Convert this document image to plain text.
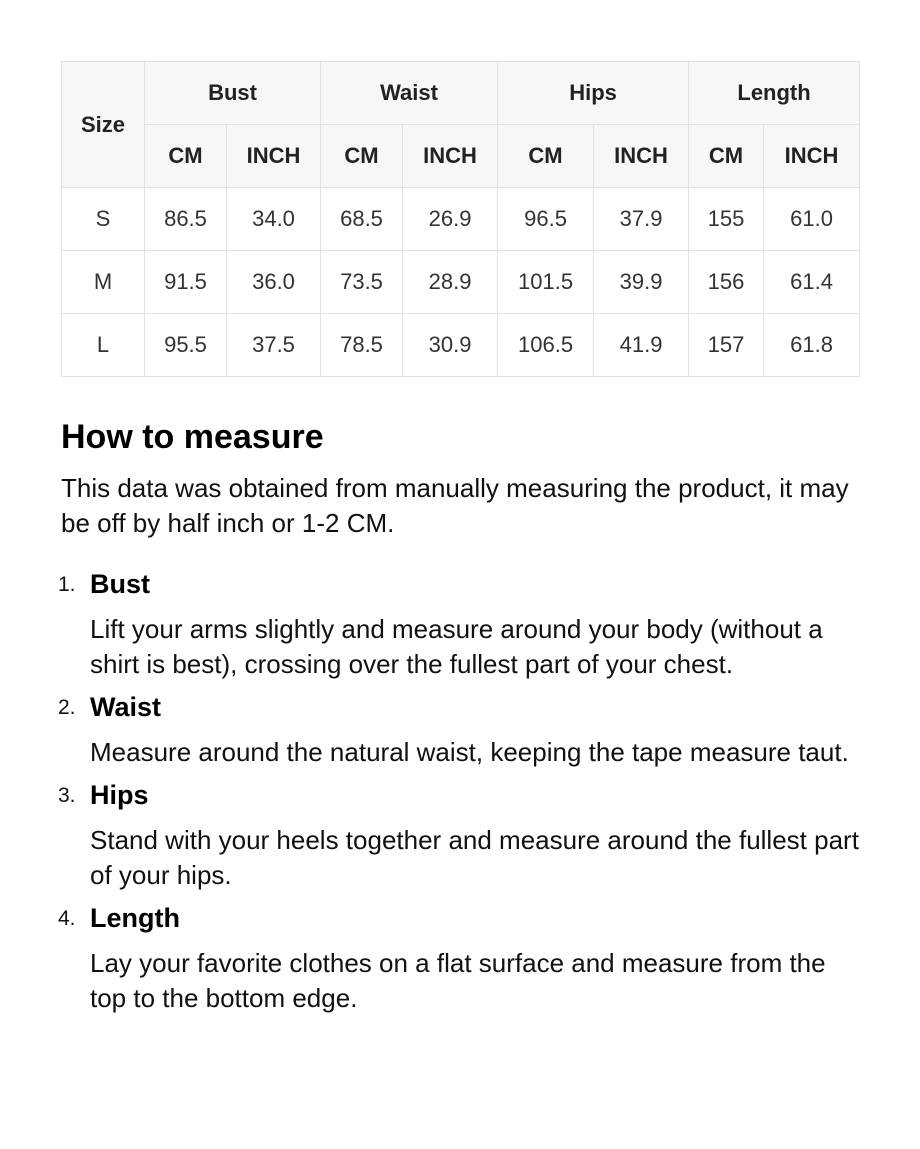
Size	Bust		Waist		Hips		Length	
	CM	INCH	CM	INCH	CM	INCH	CM	INCH
S	86.5	34.0	68.5	26.9	96.5	37.9	155	61.0
M	91.5	36.0	73.5	28.9	101.5	39.9	156	61.4
L	95.5	37.5	78.5	30.9	106.5	41.9	157	61.8
How to measure
This data was obtained from manually measuring the product, it may be off by half inch or 1-2 CM.
1. Bust
Lift your arms slightly and measure around your body (without a shirt is best), crossing over the fullest part of your chest.
2. Waist
Measure around the natural waist, keeping the tape measure taut.
3. Hips
Stand with your heels together and measure around the fullest part of your hips.
4. Length
Lay your favorite clothes on a flat surface and measure from the top to the bottom edge.
